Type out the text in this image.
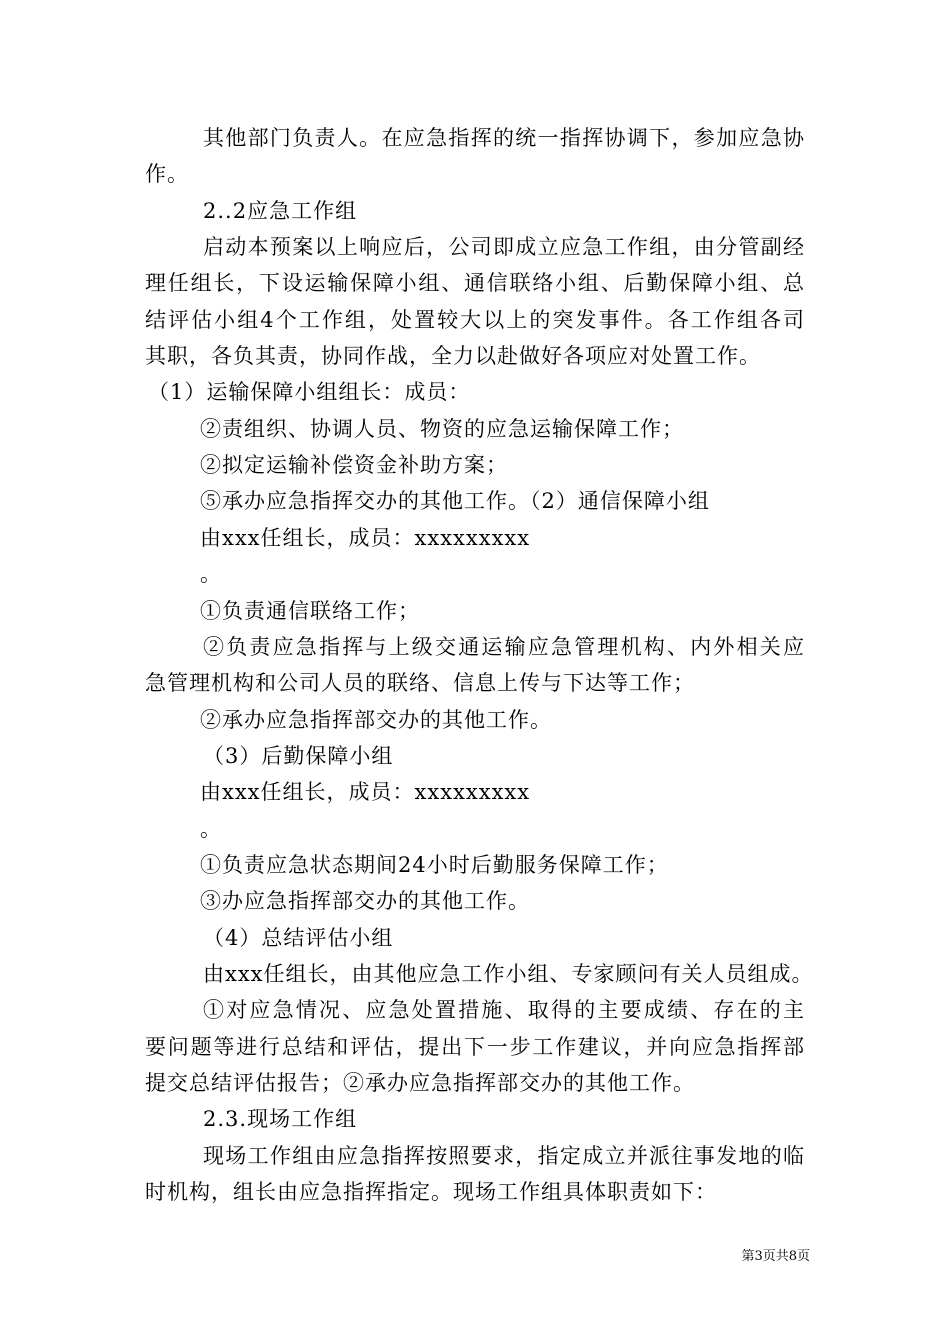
其他部门负责人。在应急指挥的统一指挥协调下，参加应急协
作。
2..2应急工作组
启动本预案以上响应后，公司即成立应急工作组，由分管副经
理任组长，下设运输保障小组、通信联络小组、后勤保障小组、总
结评估小组4个工作组，处置较大以上的突发事件。各工作组各司
其职，各负其责，协同作战，全力以赴做好各项应对处置工作。
（1）运输保障小组组长：成员：
②责组织、协调人员、物资的应急运输保障工作；
②拟定运输补偿资金补助方案；
⑤承办应急指挥交办的其他工作。（2）通信保障小组
由xxx任组长，成员：xxxxxxxxx
。
①负责通信联络工作；
②负责应急指挥与上级交通运输应急管理机构、内外相关应
急管理机构和公司人员的联络、信息上传与下达等工作；
②承办应急指挥部交办的其他工作。
（3）后勤保障小组
由xxx任组长，成员：xxxxxxxxx
。
①负责应急状态期间24小时后勤服务保障工作；
③办应急指挥部交办的其他工作。
（4）总结评估小组
由xxx任组长，由其他应急工作小组、专家顾问有关人员组成。
①对应急情况、应急处置措施、取得的主要成绩、存在的主
要问题等进行总结和评估，提出下一步工作建议，并向应急指挥部
提交总结评估报告；②承办应急指挥部交办的其他工作。
2.3.现场工作组
现场工作组由应急指挥按照要求，指定成立并派往事发地的临
时机构，组长由应急指挥指定。现场工作组具体职责如下：
第3页共8页
